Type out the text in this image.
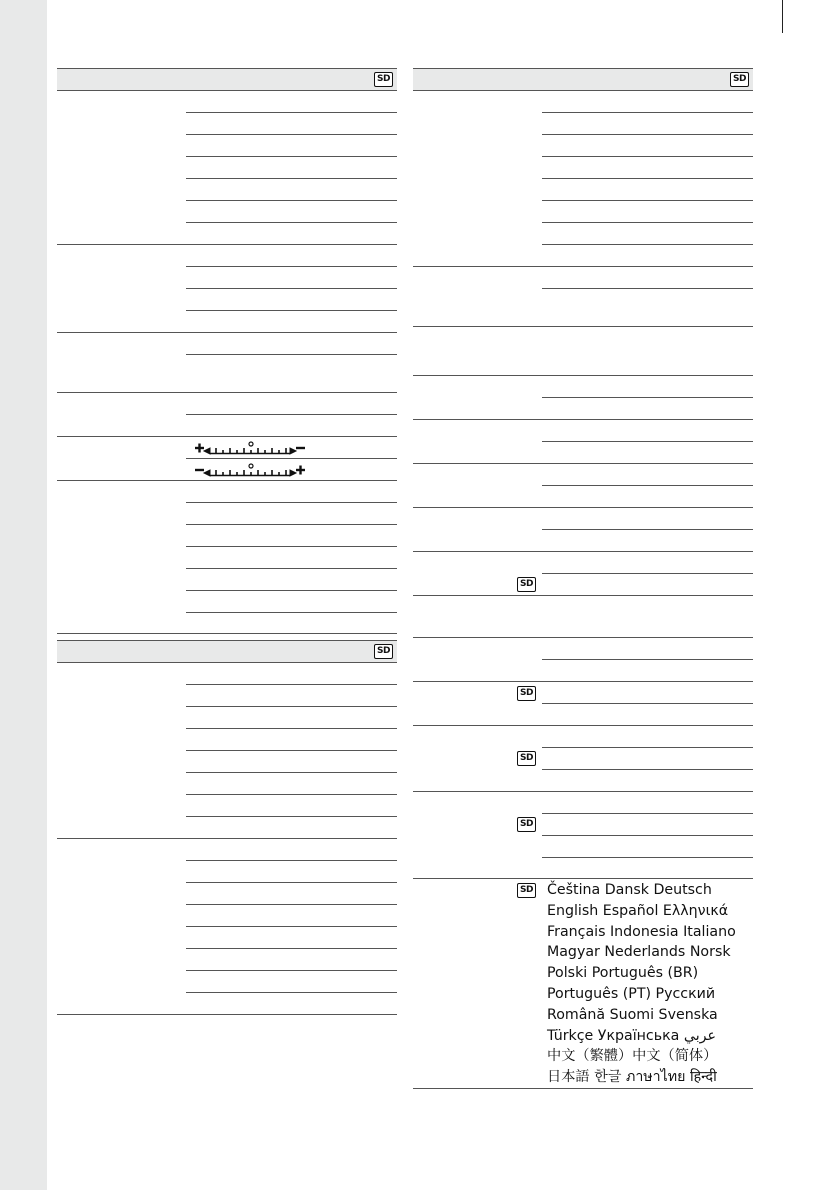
SD
SD
SD
SD
SD
SD
SD
SD Čeština Dansk Deutsch
English Español Ελληνικά
Français Indonesia Italiano
Magyar Nederlands Norsk
Polski Português (BR)
Português (PT) Русский
Română Suomi Svenska
Türkçe Українська عربي
中文（繁體）中文（简体）
日本語 한글 ภาษาไทย हिन्दी
